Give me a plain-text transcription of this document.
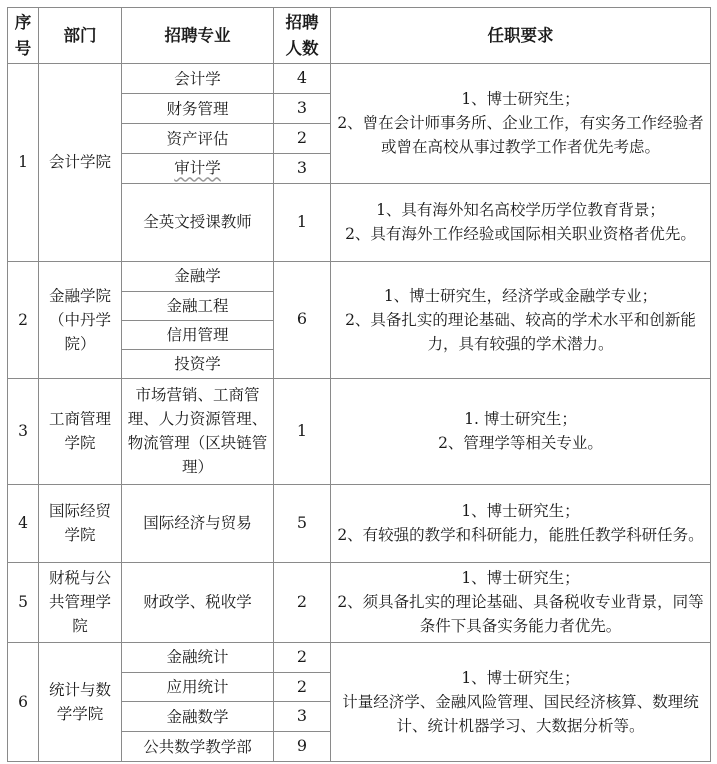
序号	部门	招聘专业	招聘人数	任职要求
1	会计学院	会计学	4	1、博士研究生；
2、曾在会计师事务所、企业工作，有实务工作经验者或曾在高校从事过教学工作者优先考虑。

		财务管理	3	
		资产评估	2	
		审计学	3	
		全英文授课教师	1	1、具有海外知名高校学历学位教育背景；
2、具有海外工作经验或国际相关职业资格者优先。

2	金融学院（中丹学院）	金融学	6	1、博士研究生，经济学或金融学专业；
2、具备扎实的理论基础、较高的学术水平和创新能力，具有较强的学术潜力。

		金融工程		
		信用管理		
		投资学		
3	工商管理学院	市场营销、工商管理、人力资源管理、物流管理（区块链管理）	1	1. 博士研究生；
2、管理学等相关专业。

4	国际经贸学院	国际经济与贸易	5	1、博士研究生；
2、有较强的教学和科研能力，能胜任教学科研任务。

5	财税与公共管理学院	财政学、税收学	2	1、博士研究生；
2、须具备扎实的理论基础、具备税收专业背景，同等条件下具备实务能力者优先。

6	统计与数学学院	金融统计	2	1、博士研究生；
计量经济学、金融风险管理、国民经济核算、数理统计、统计机器学习、大数据分析等。

		应用统计	2	
		金融数学	3	
		公共数学教学部	9	
